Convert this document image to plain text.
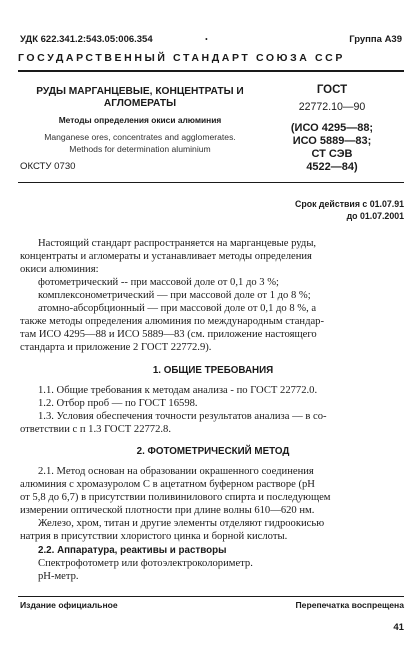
УДК 622.341.2:543.05:006.354	•	Группа А39
ГОСУДАРСТВЕННЫЙ СТАНДАРТ СОЮЗА ССР
РУДЫ МАРГАНЦЕВЫЕ, КОНЦЕНТРАТЫ И
АГЛОМЕРАТЫ
Методы определения окиси алюминия
Manganese ores, concentrates and agglomerates.
Methods for determination aluminium
ГОСТ
22772.10—90
(ИСО 4295—88;
ИСО 5889—83;
СТ СЭВ
4522—84)
ОКСТУ 0730
Срок действия с 01.07.91
до 01.07.2001
Настоящий стандарт распространяется на марганцевые руды,
концентраты и агломераты и устанавливает методы определения
окиси алюминия:
фотометрический -- при массовой доле от 0,1 до 3 %;
комплексонометрический — при массовой доле от 1 до 8 %;
атомно-абсорбционный — при массовой доле от 0,1 до 8 %, а
также методы определения алюминия по международным стандар-
там ИСО 4295—88 и ИСО 5889—83 (см. приложение настоящего
стандарта и приложение 2 ГОСТ 22772.9).
1. ОБЩИЕ ТРЕБОВАНИЯ
1.1. Общие требования к методам анализа - по ГОСТ 22772.0.
1.2. Отбор проб — по ГОСТ 16598.
1.3. Условия обеспечения точности результатов анализа — в со-
ответствии с п 1.3 ГОСТ 22772.8.
2. ФОТОМЕТРИЧЕСКИЙ МЕТОД
2.1. Метод основан на образовании окрашенного соединения
алюминия с хромазуролом С в ацетатном буферном растворе (рН
от 5,8 до 6,7) в присутствии поливинилового спирта и последующем
измерении оптической плотности при длине волны 610—620 нм.
Железо, хром, титан и другие элементы отделяют гидроокисью
натрия в присутствии хлористого цинка и борной кислоты.
2.2. Аппаратура, реактивы и растворы
Спектрофотометр или фотоэлектроколориметр.
рН-метр.
Издание официальное	Перепечатка воспрещена
41
